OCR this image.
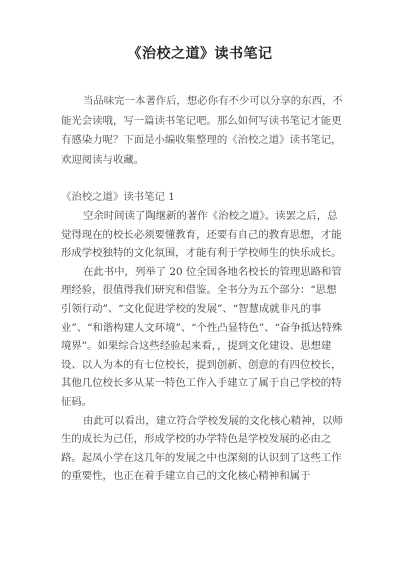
《治校之道》读书笔记

当品味完一本著作后，想必你有不少可以分享的东西，不能光会读哦，写一篇读书笔记吧。那么如何写读书笔记才能更有感染力呢？下面是小编收集整理的《治校之道》读书笔记，欢迎阅读与收藏。

《治校之道》读书笔记 1

空余时间读了陶继新的著作《治校之道》。读罢之后，总觉得现在的校长必须要懂教育，还要有自己的教育思想，才能形成学校独特的文化氛围，才能有利于学校师生的快乐成长。

在此书中，列举了 20 位全国各地名校长的管理思路和管理经验，很值得我们研究和借鉴。全书分为五个部分：“思想引领行动”、“文化促进学校的发展”、“智慧成就非凡的事业”、“和谐构建人文环境”、“个性凸显特色”、“奋争抵达特殊境界”。如果综合这些经验起来看，，提到文化建设、思想建设、以人为本的有七位校长，提到创新、创意的有四位校长，其他几位校长多从某一特色工作入手建立了属于自己学校的特征码。

由此可以看出，建立符合学校发展的文化核心精神，以师生的成长为己任，形成学校的办学特色是学校发展的必由之路。起凤小学在这几年的发展之中也深刻的认识到了这些工作的重要性，也正在着手建立自己的文化核心精神和属于
